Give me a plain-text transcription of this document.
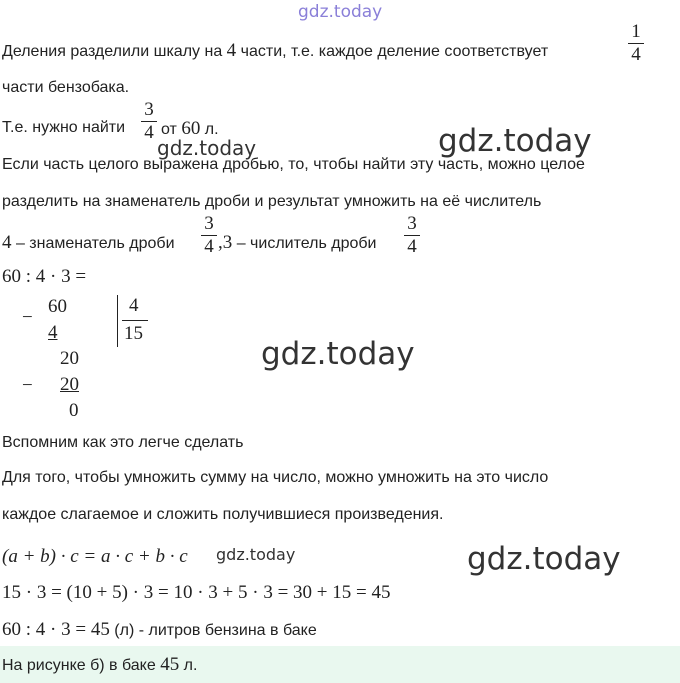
gdz.today
Деления разделили шкалу на 4 части, т.е. каждое деление соответствует
1
4
части бензобака.
Т.е. нужно найти
3
4 от 60 л.
gdz.today	gdz.today
Если часть целого выражена дробью, то, чтобы найти эту часть, можно целое
разделить на знаменатель дроби и результат умножить на её числитель
4 – знаменатель дроби
3
4 ,3 – числитель дроби
3
4
60 : 4 · 3 =
−
60
4
4
15
20
− 20
0
gdz.today
Вспомним как это легче сделать
Для того, чтобы умножить сумму на число, можно умножить на это число
каждое слагаемое и сложить получившиеся произведения.
(a + b) · c = a · c + b · c gdz.today	gdz.today
15 · 3 = (10 + 5) · 3 = 10 · 3 + 5 · 3 = 30 + 15 = 45
60 : 4 · 3 = 45 (л) - литров бензина в баке
На рисунке б) в баке 45 л.
